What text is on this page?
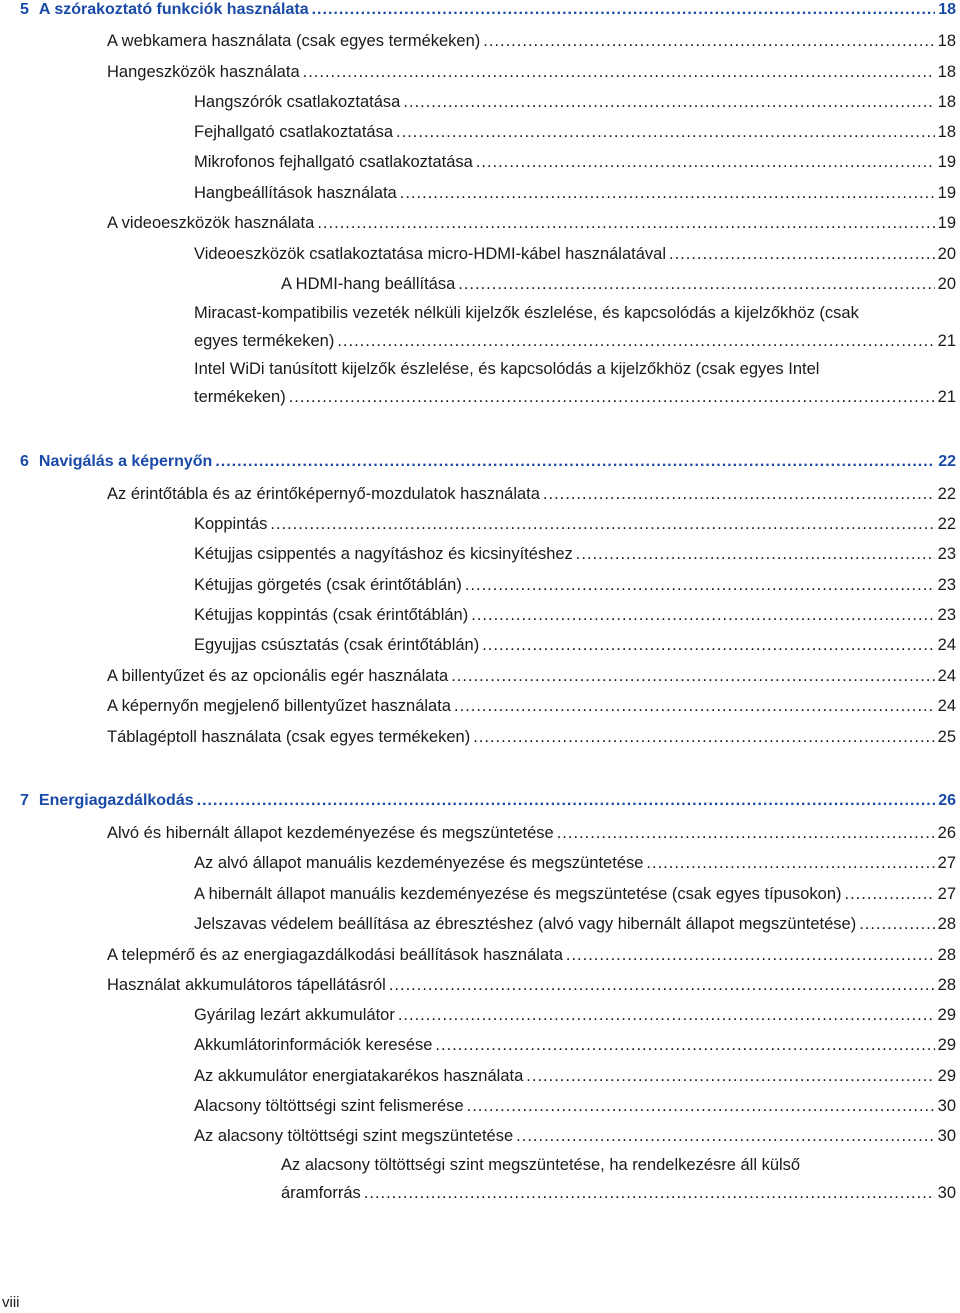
5 A szórakoztató funkciók használata .....	18
A webkamera használata (csak egyes termékeken) .....	18
Hangeszközök használata .....	18
Hangszórók csatlakoztatása .....	18
Fejhallgató csatlakoztatása .....	18
Mikrofonos fejhallgató csatlakoztatása .....	19
Hangbeállítások használata .....	19
A videoeszközök használata .....	19
Videoeszközök csatlakoztatása micro-HDMI-kábel használatával .....	20
A HDMI-hang beállítása .....	20
Miracast-kompatibilis vezeték nélküli kijelzők észlelése, és kapcsolódás a kijelzőkhöz (csak
egyes termékeken) .....	21
Intel WiDi tanúsított kijelzők észlelése, és kapcsolódás a kijelzőkhöz (csak egyes Intel
termékeken) .....	21
6 Navigálás a képernyőn .....	22
Az érintőtábla és az érintőképernyő-mozdulatok használata .....	22
Koppintás .....	22
Kétujjas csippentés a nagyításhoz és kicsinyítéshez .....	23
Kétujjas görgetés (csak érintőtáblán) .....	23
Kétujjas koppintás (csak érintőtáblán) .....	23
Egyujjas csúsztatás (csak érintőtáblán) .....	24
A billentyűzet és az opcionális egér használata .....	24
A képernyőn megjelenő billentyűzet használata .....	24
Táblagéptoll használata (csak egyes termékeken) .....	25
7 Energiagazdálkodás .....	26
Alvó és hibernált állapot kezdeményezése és megszüntetése .....	26
Az alvó állapot manuális kezdeményezése és megszüntetése .....	27
A hibernált állapot manuális kezdeményezése és megszüntetése (csak egyes típusokon) .....	27
Jelszavas védelem beállítása az ébresztéshez (alvó vagy hibernált állapot megszüntetése) .....	28
A telepmérő és az energiagazdálkodási beállítások használata .....	28
Használat akkumulátoros tápellátásról .....	28
Gyárilag lezárt akkumulátor .....	29
Akkumlátorinformációk keresése .....	29
Az akkumulátor energiatakarékos használata .....	29
Alacsony töltöttségi szint felismerése .....	30
Az alacsony töltöttségi szint megszüntetése .....	30
Az alacsony töltöttségi szint megszüntetése, ha rendelkezésre áll külső
áramforrás .....	30
viii
